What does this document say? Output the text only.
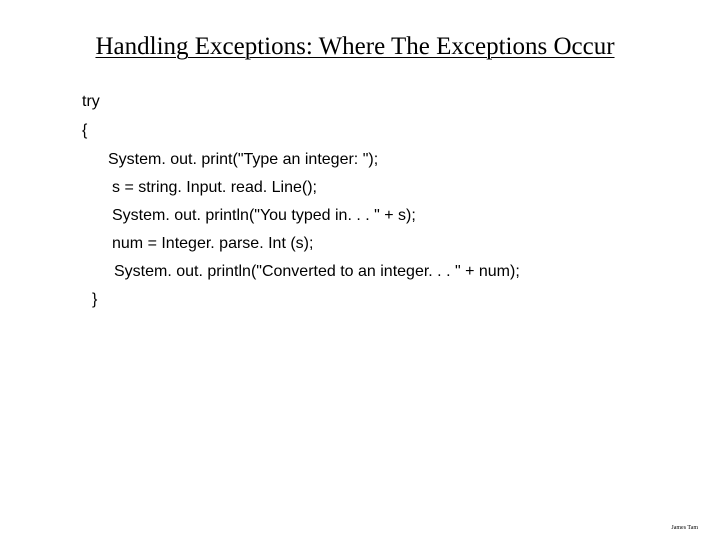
Handling Exceptions: Where The Exceptions Occur
try
{
System. out. print("Type an integer: ");
s = string. Input. read. Line();
System. out. println("You typed in. . . " + s);
num = Integer. parse. Int (s);
System. out. println("Converted to an integer. . . " + num);
}
James Tam
